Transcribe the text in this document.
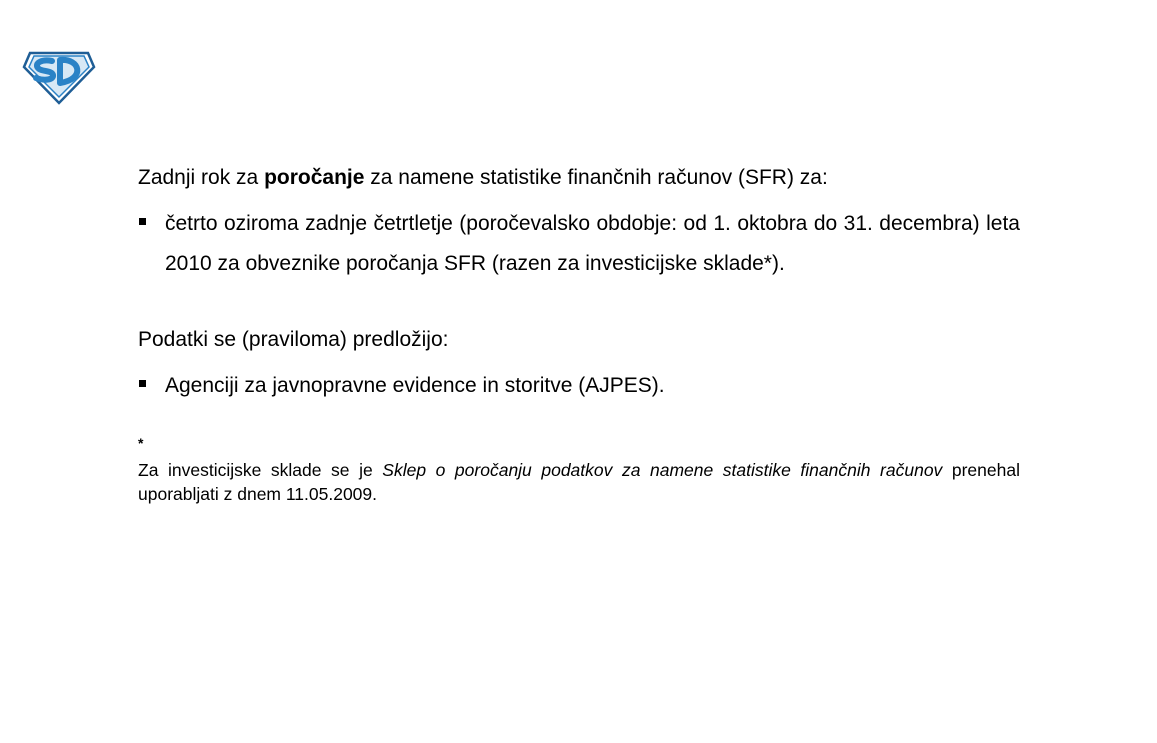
Zadnji rok za poročanje za namene statistike finančnih računov (SFR) za:

četrto oziroma zadnje četrtletje (poročevalsko obdobje: od 1. oktobra do 31. decembra) leta 2010 za obveznike poročanja SFR (razen za investicijske sklade*).

Podatki se (praviloma) predložijo:

Agenciji za javnopravne evidence in storitve (AJPES).
*

Za investicijske sklade se je Sklep o poročanju podatkov za namene statistike finančnih računov prenehal uporabljati z dnem 11.05.2009.
